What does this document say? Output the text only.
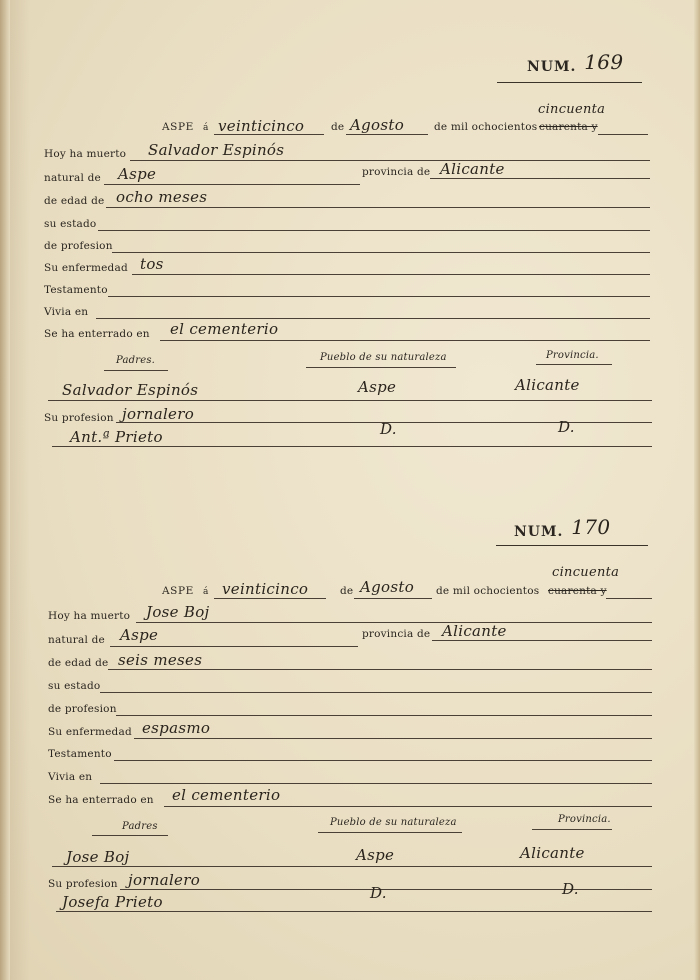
NUM. 169
ASPE á veinticinco	de Agosto	de mil ochocientos cuarenta y
cincuenta
Hoy ha muerto Salvador Espinós
natural de Aspe	provincia de Alicante
de edad de ocho meses
su estado
de profesion
Su enfermedad tos
Testamento
Vivia en
Se ha enterrado en el cementerio
Padres.	Pueblo de su naturaleza	Provincia.
Salvador Espinós	Aspe	Alicante
Su profesion jornalero
Ant.ª Prieto	D.	D.
NUM. 170
ASPE á veinticinco	de Agosto de mil ochocientos cuarenta y
cincuenta
Hoy ha muerto Jose Boj
natural de Aspe	provincia de Alicante
de edad de seis meses
su estado
de profesion
Su enfermedad espasmo
Testamento
Vivia en
Se ha enterrado en el cementerio
Padres	Pueblo de su naturaleza	Provincia.
Jose Boj	Aspe	Alicante
Su profesion jornalero
Josefa Prieto	D.	D.
